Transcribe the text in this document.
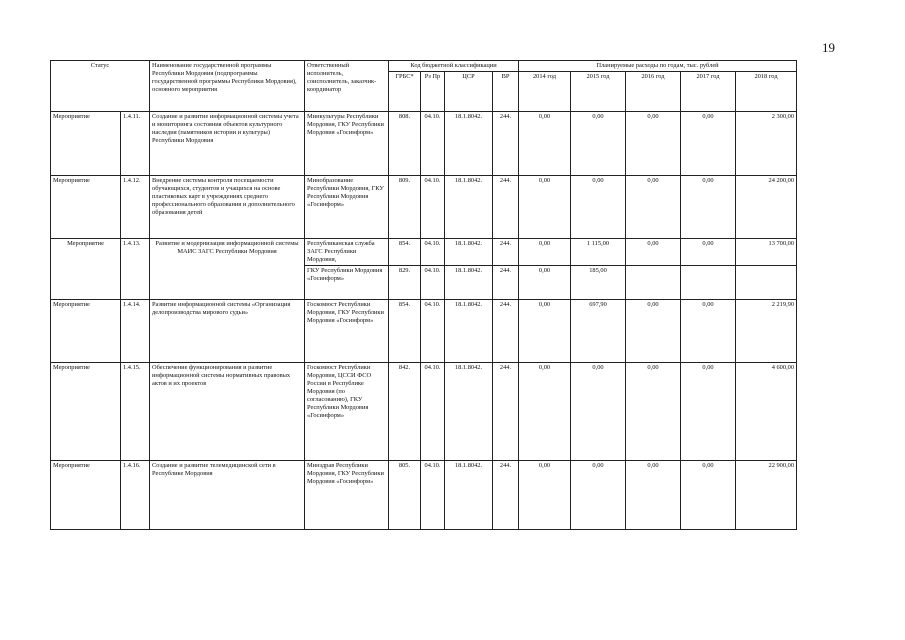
19
Статус		Наименование государственной программы Республики Мордовия (подпрограммы государственной программы Республики Мордовия), основного мероприятия	Ответственный исполнитель, соисполнитель, заказчик-координатор	Код бюджетной классификации				Планируемые расходы по годам, тыс. рублей				
				ГРБС*	Рз Пр	ЦСР	ВР	2014 год	2015 год	2016 год	2017 год	2018 год
Мероприятие	1.4.11.	Создание и развитие информационной системы учета и мониторинга состояния объектов культурного наследия (памятников истории и культуры) Республики Мордовия	Минкультуры Республики Мордовия, ГКУ Республики Мордовия «Госинформ»	808.	04.10.	18.1.8042.	244.	0,00	0,00	0,00	0,00	2 300,00
Мероприятие	1.4.12.	Внедрение системы контроля посещаемости обучающихся, студентов и учащихся на основе пластиковых карт в учреждениях среднего профессионального образования и дополнительного образования детей	Минобразование Республики Мордовия, ГКУ Республики Мордовия «Госинформ»	809.	04.10.	18.1.8042.	244.	0,00	0,00	0,00	0,00	24 200,00
Мероприятие	1.4.13.	Развитие и модернизация информационной системы МАИС ЗАГС Республики Мордовия	Республиканская служба ЗАГС Республики Мордовия,	854.	04.10.	18.1.8042.	244.	0,00	1 115,00	0,00	0,00	13 700,00
			ГКУ Республики Мордовия «Госинформ»	829.	04.10.	18.1.8042.	244.	0,00	185,00			
Мероприятие	1.4.14.	Развитие информационной системы «Организация делопроизводства мирового судьи»	Госкомюст Республики Мордовия, ГКУ Республики Мордовия «Госинформ»	854.	04.10.	18.1.8042.	244.	0,00	697,90	0,00	0,00	2 219,90
Мероприятие	1.4.15.	Обеспечение функционирования и развитие информационной системы нормативных правовых актов и их проектов	Госкомюст Республики Мордовия, ЦССИ ФСО России в Республике Мордовия (по согласованию), ГКУ Республики Мордовия «Госинформ»	842.	04.10.	18.1.8042.	244.	0,00	0,00	0,00	0,00	4 600,00
Мероприятие	1.4.16.	Создание и развитие телемедицинской сети в Республике Мордовия	Минздрав Республики Мордовия, ГКУ Республики Мордовия «Госинформ»	805.	04.10.	18.1.8042.	244.	0,00	0,00	0,00	0,00	22 900,00
